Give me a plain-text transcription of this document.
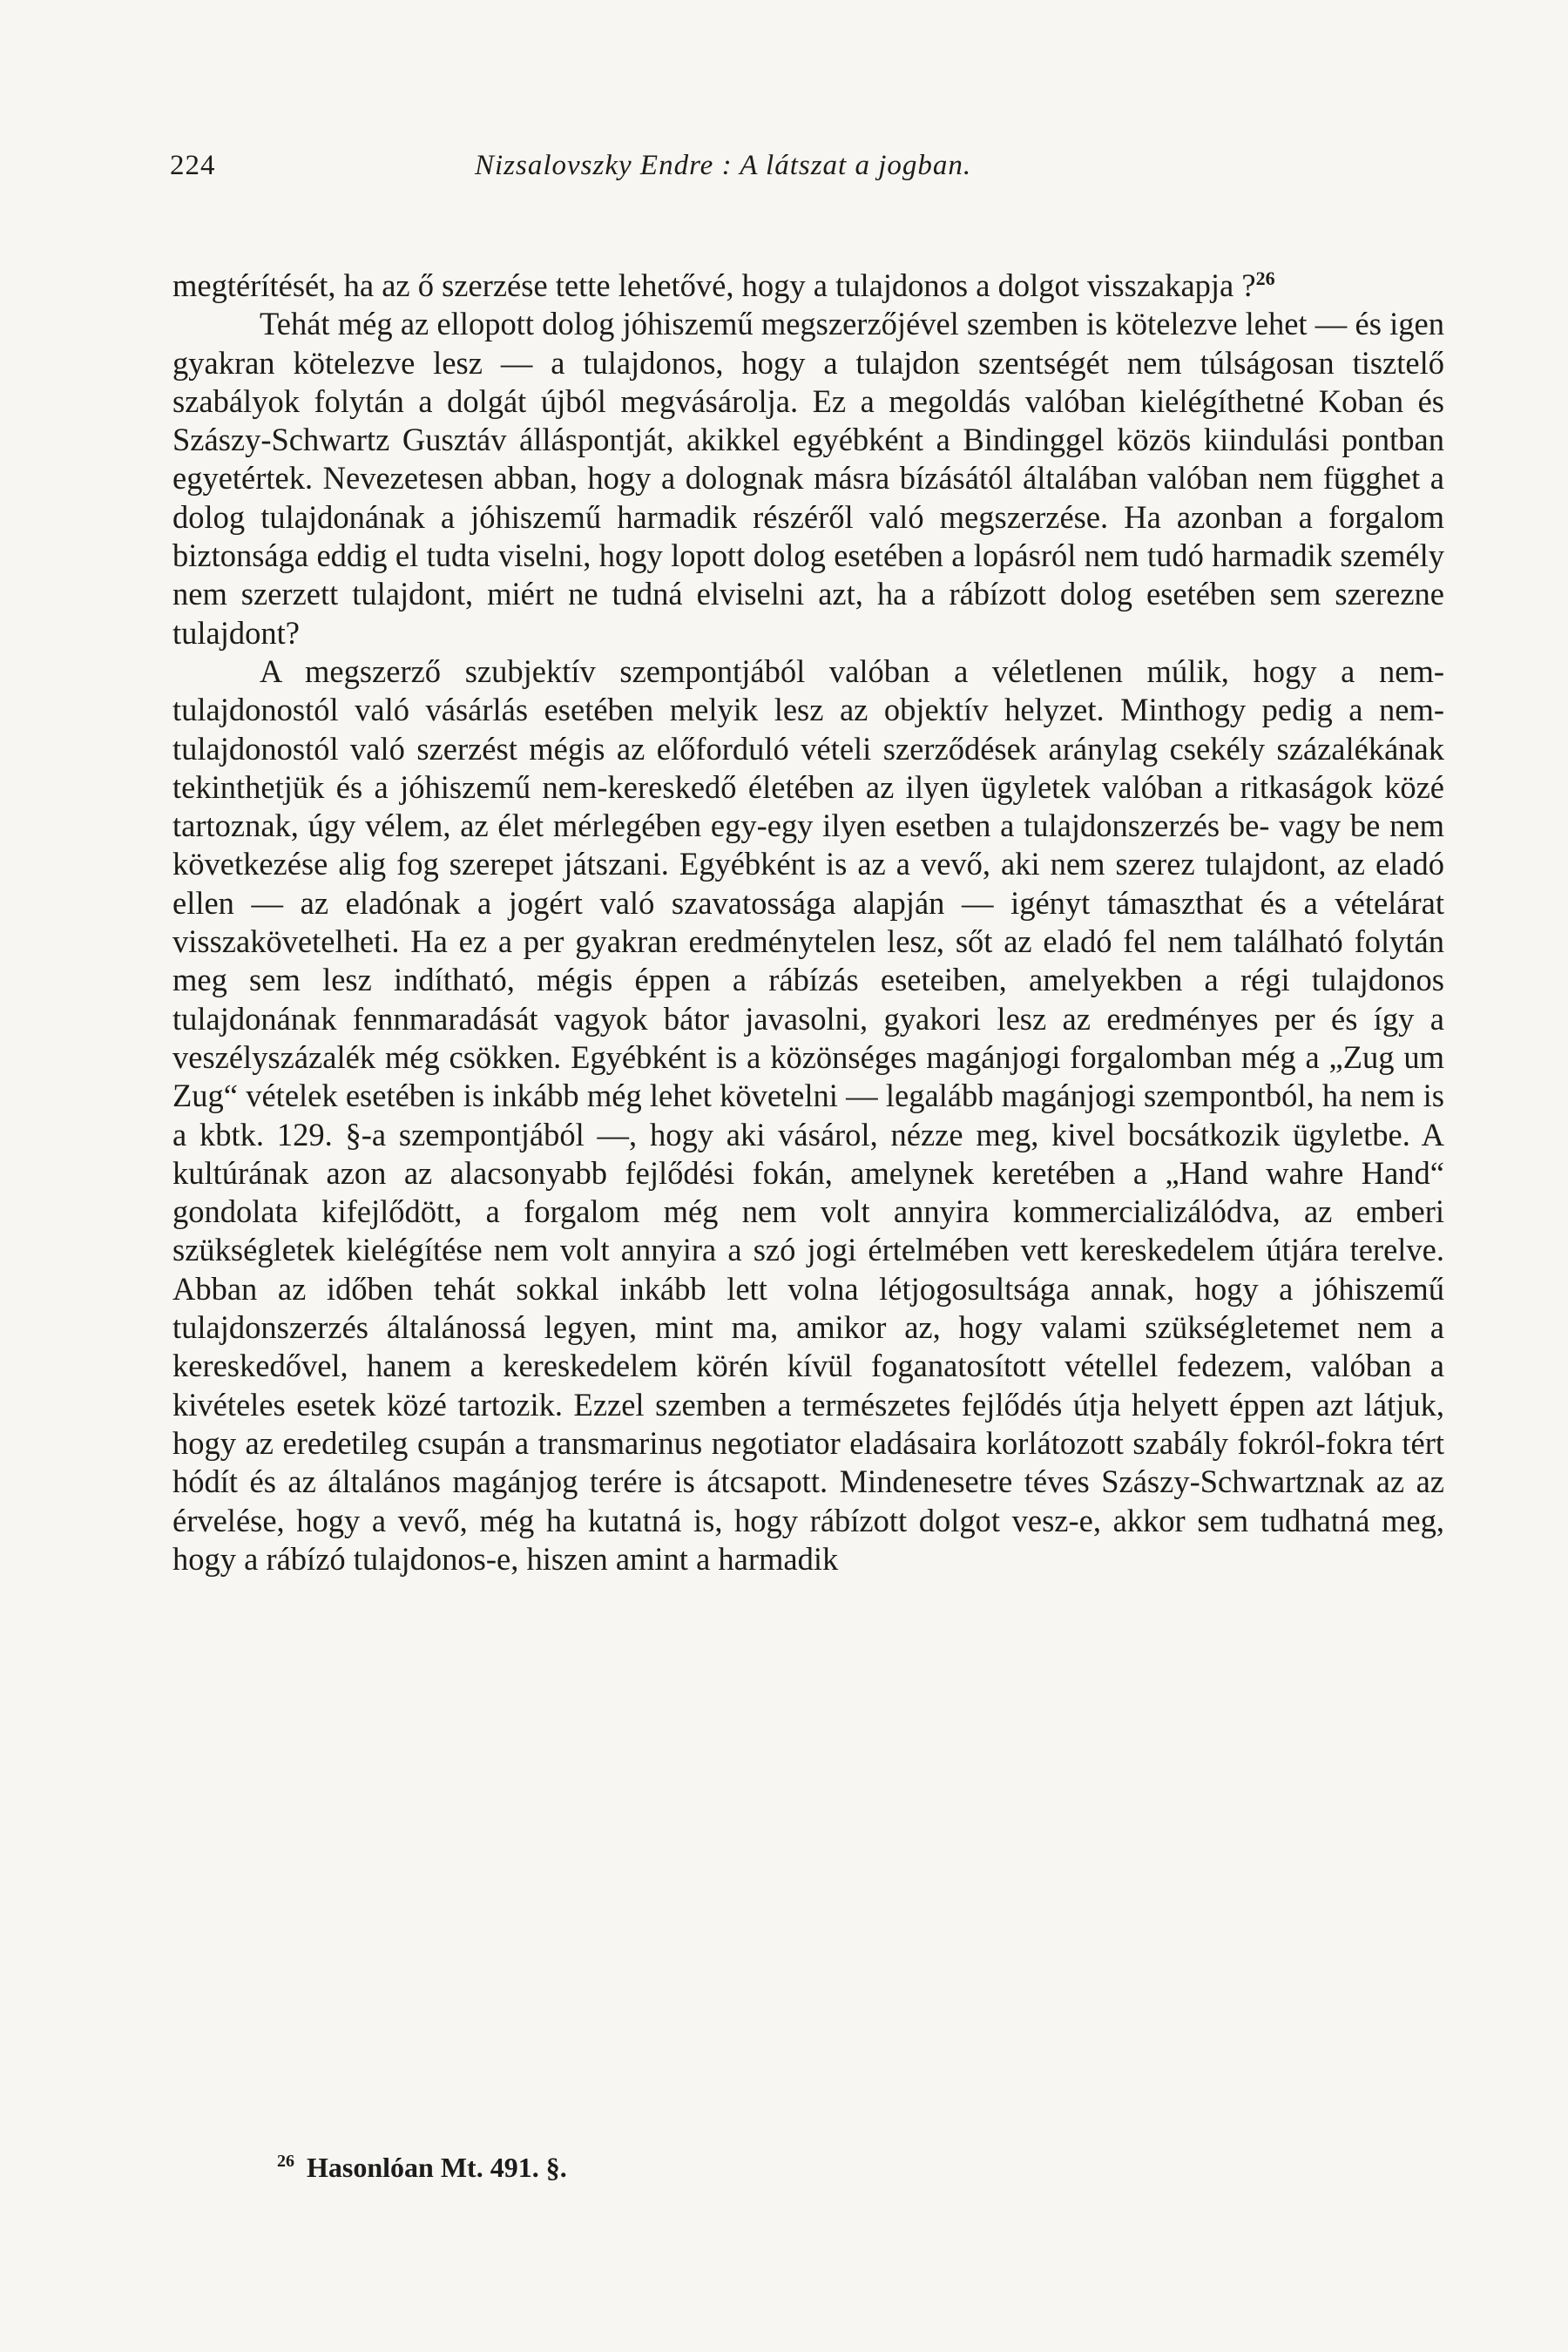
224	Nizsalovszky Endre : A látszat a jogban.

megtérítését, ha az ő szerzése tette lehetővé, hogy a tulajdonos a dolgot visszakapja ?$^{26}$

Tehát még az ellopott dolog jóhiszemű megszerzőjével szemben is kötelezve lehet — és igen gyakran kötelezve lesz — a tulajdonos, hogy a tulajdon szentségét nem túlságosan tisztelő szabályok folytán a dolgát újból megvásárolja. Ez a megoldás valóban kielégíthetné Koban és Szászy-Schwartz Gusztáv álláspontját, akikkel egyébként a Bindinggel közös kiindulási pontban egyetértek. Nevezetesen abban, hogy a dolognak másra bízásától általában valóban nem függhet a dolog tulajdonának a jóhiszemű harmadik részéről való megszerzése. Ha azonban a forgalom biztonsága eddig el tudta viselni, hogy lopott dolog esetében a lopásról nem tudó harmadik személy nem szerzett tulajdont, miért ne tudná elviselni azt, ha a rábízott dolog esetében sem szerezne tulajdont?

A megszerző szubjektív szempontjából valóban a véletlenen múlik, hogy a nem-tulajdonostól való vásárlás esetében melyik lesz az objektív helyzet. Minthogy pedig a nem-tulajdonostól való szerzést mégis az előforduló vételi szerződések aránylag csekély százalékának tekinthetjük és a jóhiszemű nem-kereskedő életében az ilyen ügyletek valóban a ritkaságok közé tartoznak, úgy vélem, az élet mérlegében egy-egy ilyen esetben a tulajdonszerzés be- vagy be nem következése alig fog szerepet játszani. Egyébként is az a vevő, aki nem szerez tulajdont, az eladó ellen — az eladónak a jogért való szavatossága alapján — igényt támaszthat és a vételárat visszakövetelheti. Ha ez a per gyakran eredménytelen lesz, sőt az eladó fel nem található folytán meg sem lesz indítható, mégis éppen a rábízás eseteiben, amelyekben a régi tulajdonos tulajdonának fennmaradását vagyok bátor javasolni, gyakori lesz az eredményes per és így a veszélyszázalék még csökken. Egyébként is a közönséges magánjogi forgalomban még a „Zug um Zug“ vételek esetében is inkább még lehet követelni — legalább magánjogi szempontból, ha nem is a kbtk. 129. §-a szempontjából —, hogy aki vásárol, nézze meg, kivel bocsátkozik ügyletbe. A kultúrának azon az alacsonyabb fejlődési fokán, amelynek keretében a „Hand wahre Hand“ gondolata kifejlődött, a forgalom még nem volt annyira kommercializálódva, az emberi szükségletek kielégítése nem volt annyira a szó jogi értelmében vett kereskedelem útjára terelve. Abban az időben tehát sokkal inkább lett volna létjogosultsága annak, hogy a jóhiszemű tulajdonszerzés általánossá legyen, mint ma, amikor az, hogy valami szükségletemet nem a kereskedővel, hanem a kereskedelem körén kívül foganatosított vétellel fedezem, valóban a kivételes esetek közé tartozik. Ezzel szemben a természetes fejlődés útja helyett éppen azt látjuk, hogy az eredetileg csupán a transmarinus negotiator eladásaira korlátozott szabály fokról-fokra tért hódít és az általános magánjog terére is átcsapott. Mindenesetre téves Szászy-Schwartznak az az érvelése, hogy a vevő, még ha kutatná is, hogy rábízott dolgot vesz-e, akkor sem tudhatná meg, hogy a rábízó tulajdonos-e, hiszen amint a harmadik

$^{26}$ Hasonlóan Mt. 491. §.
